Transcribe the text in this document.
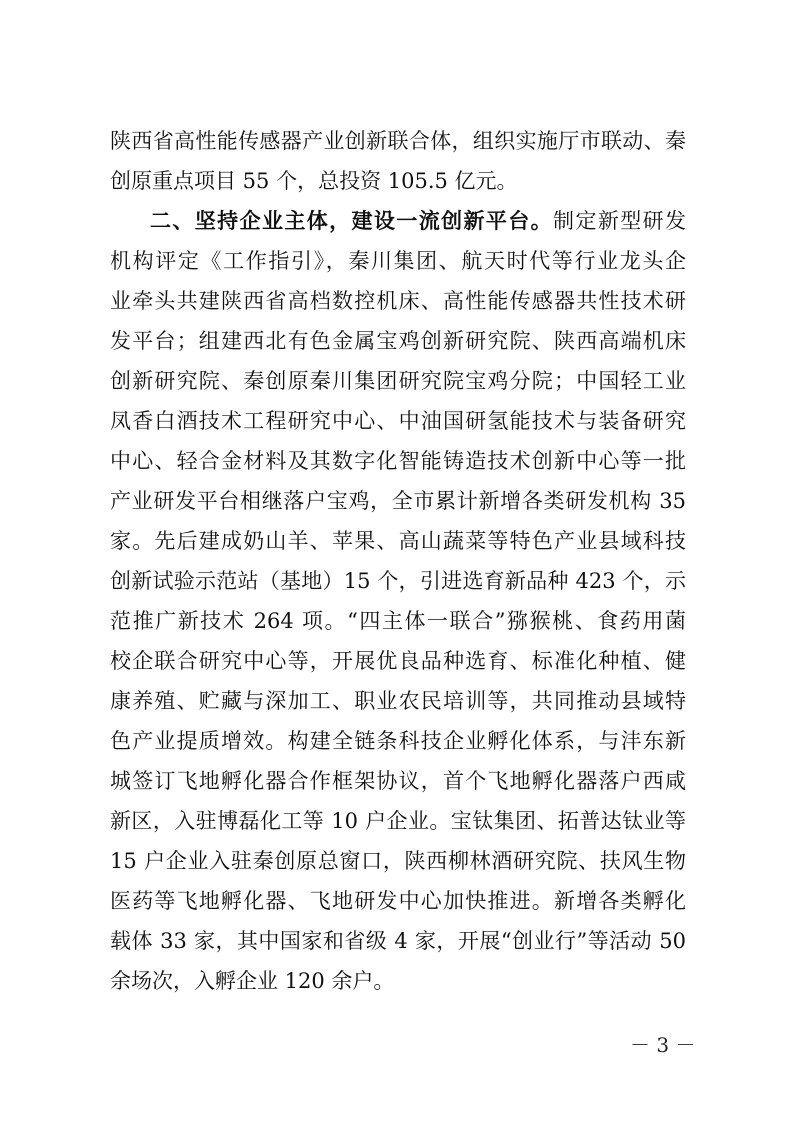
陕西省高性能传感器产业创新联合体，组织实施厅市联动、秦
创原重点项目 55 个，总投资 105.5 亿元。
二、坚持企业主体，建设一流创新平台。制定新型研发
机构评定《工作指引》，秦川集团、航天时代等行业龙头企
业牵头共建陕西省高档数控机床、高性能传感器共性技术研
发平台；组建西北有色金属宝鸡创新研究院、陕西高端机床
创新研究院、秦创原秦川集团研究院宝鸡分院；中国轻工业
凤香白酒技术工程研究中心、中油国研氢能技术与装备研究
中心、轻合金材料及其数字化智能铸造技术创新中心等一批
产业研发平台相继落户宝鸡，全市累计新增各类研发机构 35
家。先后建成奶山羊、苹果、高山蔬菜等特色产业县域科技
创新试验示范站（基地）15 个，引进选育新品种 423 个，示
范推广新技术 264 项。“四主体一联合”猕猴桃、食药用菌
校企联合研究中心等，开展优良品种选育、标准化种植、健
康养殖、贮藏与深加工、职业农民培训等，共同推动县域特
色产业提质增效。构建全链条科技企业孵化体系，与沣东新
城签订飞地孵化器合作框架协议，首个飞地孵化器落户西咸
新区，入驻博磊化工等 10 户企业。宝钛集团、拓普达钛业等
15 户企业入驻秦创原总窗口，陕西柳林酒研究院、扶风生物
医药等飞地孵化器、飞地研发中心加快推进。新增各类孵化
载体 33 家，其中国家和省级 4 家，开展“创业行”等活动 50
余场次，入孵企业 120 余户。
－ 3 －
